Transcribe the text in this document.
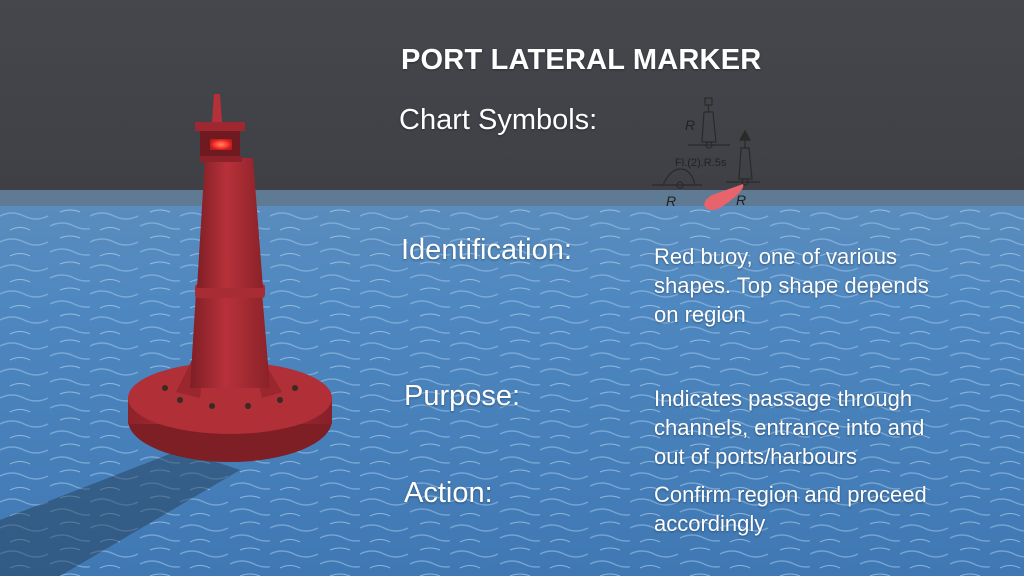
R
Fl.(2).R.5s
R
R
PORT LATERAL MARKER
Chart Symbols:
Identification:	Red buoy, one of various
shapes. Top shape depends
on region
Purpose:	Indicates passage through
channels, entrance into and
out of ports/harbours
Action:	Confirm region and proceed
accordingly
